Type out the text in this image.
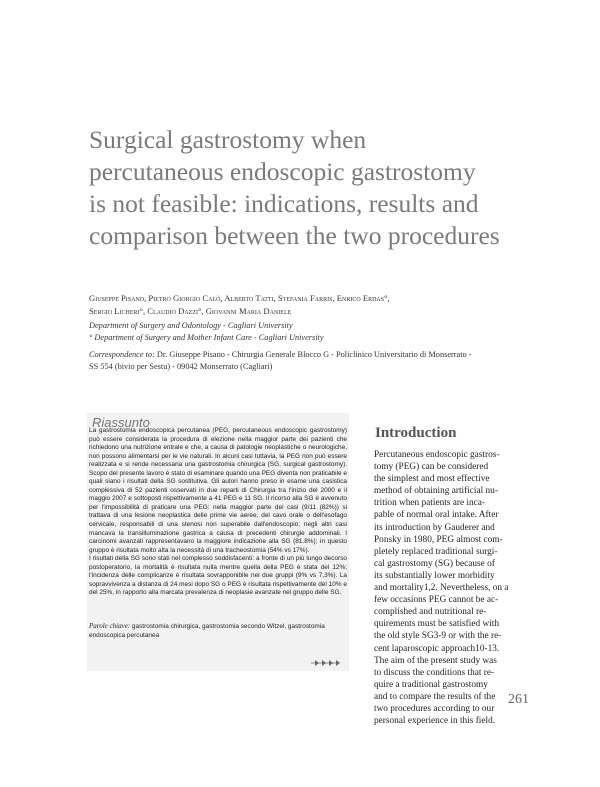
Surgical gastrostomy when
percutaneous endoscopic gastrostomy
is not feasible: indications, results and
comparison between the two procedures
Giuseppe Pisano, Pietro Giorgio Calò, Alberto Tatti, Stefania Farris, Enrico Erdas°,
Sergio Licheri°, Claudio Dazzi°, Giovanni Maria Daniele
Department of Surgery and Odontology - Cagliari University
° Department of Surgery and Mother Infant Care - Cagliari University
Correspondence to: Dr. Giuseppe Pisano - Chirurgia Generale Blocco G - Policlinico Universitario di Monserrato -
SS 554 (bivio per Sestu) - 09042 Monserrato (Cagliari)
Riassunto

La gastrostomia endoscopica percutanea (PEG, percutaneous endoscopic gastrostomy) può essere considerata la procedura di elezione nella maggior parte dei pazienti che richiedono una nutrizione entrale e che, a causa di patologie neoplastiche o neurologiche, non possono alimentarsi per le vie naturali. In alcuni casi tuttavia, la PEG non può essere realizzata e si rende necessaria una gastrostomia chirurgica (SG, surgical gastrostomy). Scopo del presente lavoro è stato di esaminare quando una PEG diventa non praticabile e quali siano i risultati della SG sostitutiva. Gli autori hanno preso in esame una casistica complessiva di 52 pazienti osservati in due reparti di Chirurgia tra l'inizio del 2000 e il maggio 2007 e sottoposti rispettivamente a 41 PEG e 11 SG. Il ricorso alla SG è avvenuto per l'impossibilità di praticare una PEG: nella maggior parte dei casi (9/11 (82%)) si trattava di una lesione neoplastica delle prime vie aeree, del cavo orale o dell'esofago cervicale, responsabili di una stenosi non superabile dall'endoscopio; negli altri casi mancava la transilluminazione gastrica a causa di precedenti chirurgie addominali. I carcinomi avanzati rappresentavano la maggiore indicazione alla SG (81.8%); in questo gruppo è risultata molto alta la necessità di una tracheostomia (54% vs 17%).

I risultati della SG sono stati nel complesso soddisfacenti: a fronte di un più lungo decorso postoperatorio, la mortalità è risultata nulla mentre quella della PEG è stata del 12%; l'incidenza delle complicanze è risultata sovrapponibile nei due gruppi (9% vs 7,3%). La sopravvivenza a distanza di 24 mesi dopo SG o PEG è risultata rispettivamente del 10% e del 25%, in rapporto alla marcata prevalenza di neoplasie avanzate nel gruppo delle SG.

Parole chiave: gastrostomia chirurgica, gastrostomia secondo Witzel, gastrostomia endoscopica percutanea
Introduction
Percutaneous endoscopic gastros-
tomy (PEG) can be considered
the simplest and most effective
method of obtaining artificial nu-
trition when patients are inca-
pable of normal oral intake. After
its introduction by Gauderer and
Ponsky in 1980, PEG almost com-
pletely replaced traditional surgi-
cal gastrostomy (SG) because of
its substantially lower morbidity
and mortality1,2. Nevertheless, on a
few occasions PEG cannot be ac-
complished and nutritional re-
quirements must be satisfied with
the old style SG3-9 or with the re-
cent laparoscopic approach10-13.
The aim of the present study was
to discuss the conditions that re-
quire a traditional gastrostomy
and to compare the results of the
two procedures according to our
personal experience in this field.
261
